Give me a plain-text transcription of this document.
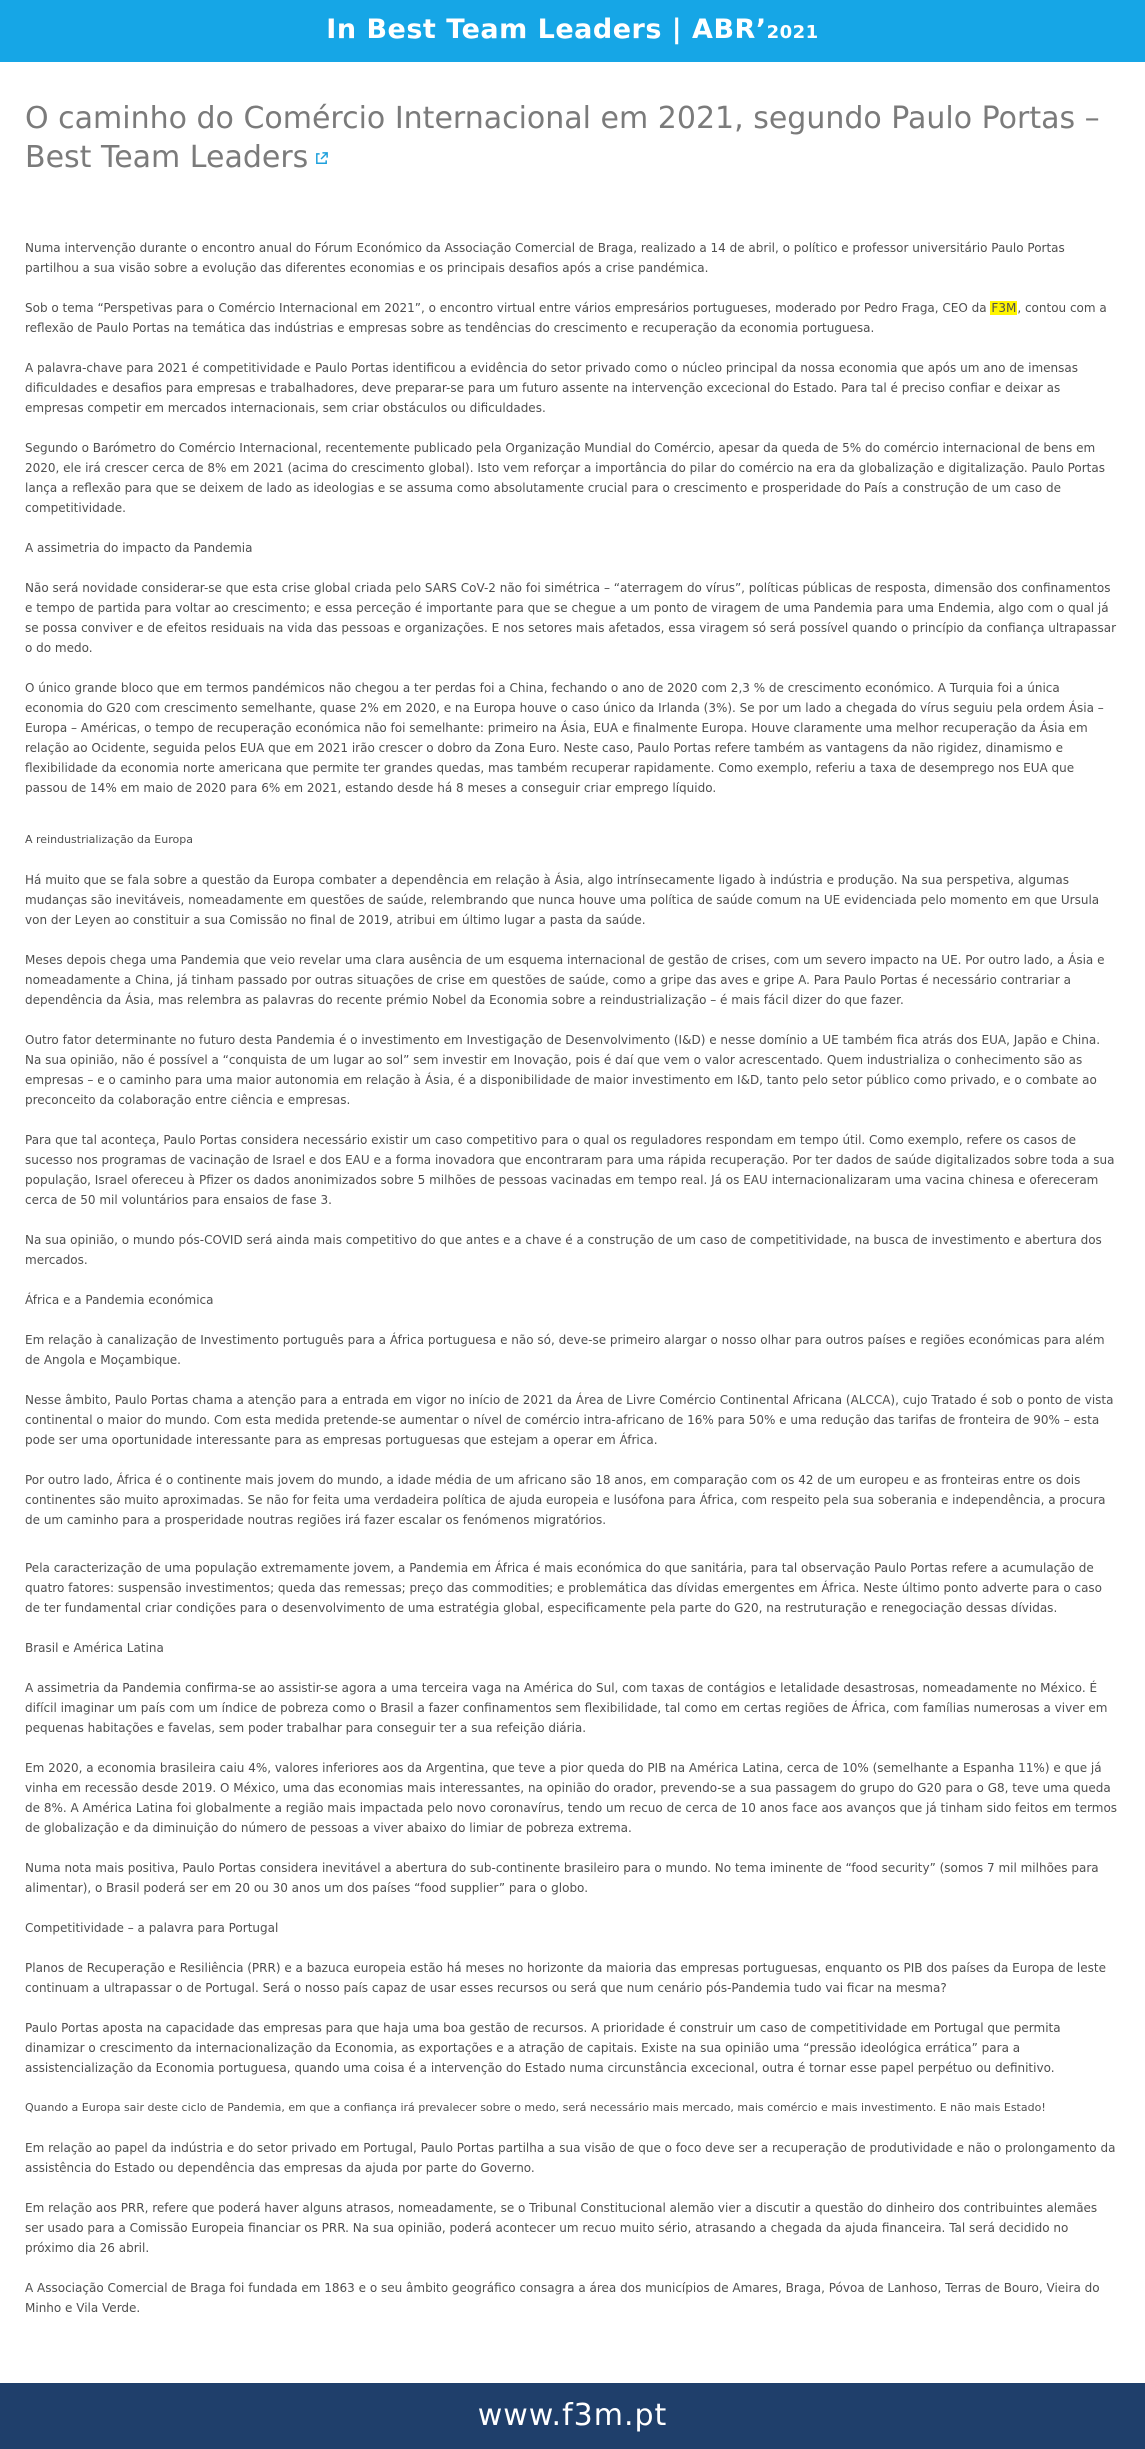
In Best Team Leaders | ABR’2021
O caminho do Comércio Internacional em 2021, segundo Paulo Portas – Best Team Leaders

Numa intervenção durante o encontro anual do Fórum Económico da Associação Comercial de Braga, realizado a 14 de abril, o político e professor universitário Paulo Portas partilhou a sua visão sobre a evolução das diferentes economias e os principais desafios após a crise pandémica.

Sob o tema “Perspetivas para o Comércio Internacional em 2021”, o encontro virtual entre vários empresários portugueses, moderado por Pedro Fraga, CEO da F3M, contou com a reflexão de Paulo Portas na temática das indústrias e empresas sobre as tendências do crescimento e recuperação da economia portuguesa.

A palavra-chave para 2021 é competitividade e Paulo Portas identificou a evidência do setor privado como o núcleo principal da nossa economia que após um ano de imensas dificuldades e desafios para empresas e trabalhadores, deve preparar-se para um futuro assente na intervenção excecional do Estado. Para tal é preciso confiar e deixar as empresas competir em mercados internacionais, sem criar obstáculos ou dificuldades.

Segundo o Barómetro do Comércio Internacional, recentemente publicado pela Organização Mundial do Comércio, apesar da queda de 5% do comércio internacional de bens em 2020, ele irá crescer cerca de 8% em 2021 (acima do crescimento global). Isto vem reforçar a importância do pilar do comércio na era da globalização e digitalização. Paulo Portas lança a reflexão para que se deixem de lado as ideologias e se assuma como absolutamente crucial para o crescimento e prosperidade do País a construção de um caso de competitividade.

A assimetria do impacto da Pandemia

Não será novidade considerar-se que esta crise global criada pelo SARS CoV-2 não foi simétrica – “aterragem do vírus”, políticas públicas de resposta, dimensão dos confinamentos e tempo de partida para voltar ao crescimento; e essa perceção é importante para que se chegue a um ponto de viragem de uma Pandemia para uma Endemia, algo com o qual já se possa conviver e de efeitos residuais na vida das pessoas e organizações. E nos setores mais afetados, essa viragem só será possível quando o princípio da confiança ultrapassar o do medo.

O único grande bloco que em termos pandémicos não chegou a ter perdas foi a China, fechando o ano de 2020 com 2,3 % de crescimento económico. A Turquia foi a única economia do G20 com crescimento semelhante, quase 2% em 2020, e na Europa houve o caso único da Irlanda (3%). Se por um lado a chegada do vírus seguiu pela ordem Ásia – Europa – Américas, o tempo de recuperação económica não foi semelhante: primeiro na Ásia, EUA e finalmente Europa. Houve claramente uma melhor recuperação da Ásia em relação ao Ocidente, seguida pelos EUA que em 2021 irão crescer o dobro da Zona Euro. Neste caso, Paulo Portas refere também as vantagens da não rigidez, dinamismo e flexibilidade da economia norte americana que permite ter grandes quedas, mas também recuperar rapidamente. Como exemplo, referiu a taxa de desemprego nos EUA que passou de 14% em maio de 2020 para 6% em 2021, estando desde há 8 meses a conseguir criar emprego líquido.

A reindustrialização da Europa

Há muito que se fala sobre a questão da Europa combater a dependência em relação à Ásia, algo intrínsecamente ligado à indústria e produção. Na sua perspetiva, algumas mudanças são inevitáveis, nomeadamente em questões de saúde, relembrando que nunca houve uma política de saúde comum na UE evidenciada pelo momento em que Ursula von der Leyen ao constituir a sua Comissão no final de 2019, atribui em último lugar a pasta da saúde.

Meses depois chega uma Pandemia que veio revelar uma clara ausência de um esquema internacional de gestão de crises, com um severo impacto na UE. Por outro lado, a Ásia e nomeadamente a China, já tinham passado por outras situações de crise em questões de saúde, como a gripe das aves e gripe A. Para Paulo Portas é necessário contrariar a dependência da Ásia, mas relembra as palavras do recente prémio Nobel da Economia sobre a reindustrialização – é mais fácil dizer do que fazer.

Outro fator determinante no futuro desta Pandemia é o investimento em Investigação de Desenvolvimento (I&D) e nesse domínio a UE também fica atrás dos EUA, Japão e China. Na sua opinião, não é possível a “conquista de um lugar ao sol” sem investir em Inovação, pois é daí que vem o valor acrescentado. Quem industrializa o conhecimento são as empresas – e o caminho para uma maior autonomia em relação à Ásia, é a disponibilidade de maior investimento em I&D, tanto pelo setor público como privado, e o combate ao preconceito da colaboração entre ciência e empresas.

Para que tal aconteça, Paulo Portas considera necessário existir um caso competitivo para o qual os reguladores respondam em tempo útil. Como exemplo, refere os casos de sucesso nos programas de vacinação de Israel e dos EAU e a forma inovadora que encontraram para uma rápida recuperação. Por ter dados de saúde digitalizados sobre toda a sua população, Israel ofereceu à Pfizer os dados anonimizados sobre 5 milhões de pessoas vacinadas em tempo real. Já os EAU internacionalizaram uma vacina chinesa e ofereceram cerca de 50 mil voluntários para ensaios de fase 3.

Na sua opinião, o mundo pós-COVID será ainda mais competitivo do que antes e a chave é a construção de um caso de competitividade, na busca de investimento e abertura dos mercados.

África e a Pandemia económica

Em relação à canalização de Investimento português para a África portuguesa e não só, deve-se primeiro alargar o nosso olhar para outros países e regiões económicas para além de Angola e Moçambique.

Nesse âmbito, Paulo Portas chama a atenção para a entrada em vigor no início de 2021 da Área de Livre Comércio Continental Africana (ALCCA), cujo Tratado é sob o ponto de vista continental o maior do mundo. Com esta medida pretende-se aumentar o nível de comércio intra-africano de 16% para 50% e uma redução das tarifas de fronteira de 90% – esta pode ser uma oportunidade interessante para as empresas portuguesas que estejam a operar em África.

Por outro lado, África é o continente mais jovem do mundo, a idade média de um africano são 18 anos, em comparação com os 42 de um europeu e as fronteiras entre os dois continentes são muito aproximadas. Se não for feita uma verdadeira política de ajuda europeia e lusófona para África, com respeito pela sua soberania e independência, a procura de um caminho para a prosperidade noutras regiões irá fazer escalar os fenómenos migratórios.

Pela caracterização de uma população extremamente jovem, a Pandemia em África é mais económica do que sanitária, para tal observação Paulo Portas refere a acumulação de quatro fatores: suspensão investimentos; queda das remessas; preço das commodities; e problemática das dívidas emergentes em África. Neste último ponto adverte para o caso de ter fundamental criar condições para o desenvolvimento de uma estratégia global, especificamente pela parte do G20, na restruturação e renegociação dessas dívidas.

Brasil e América Latina

A assimetria da Pandemia confirma-se ao assistir-se agora a uma terceira vaga na América do Sul, com taxas de contágios e letalidade desastrosas, nomeadamente no México. É difícil imaginar um país com um índice de pobreza como o Brasil a fazer confinamentos sem flexibilidade, tal como em certas regiões de África, com famílias numerosas a viver em pequenas habitações e favelas, sem poder trabalhar para conseguir ter a sua refeição diária.

Em 2020, a economia brasileira caiu 4%, valores inferiores aos da Argentina, que teve a pior queda do PIB na América Latina, cerca de 10% (semelhante a Espanha 11%) e que já vinha em recessão desde 2019. O México, uma das economias mais interessantes, na opinião do orador, prevendo-se a sua passagem do grupo do G20 para o G8, teve uma queda de 8%. A América Latina foi globalmente a região mais impactada pelo novo coronavírus, tendo um recuo de cerca de 10 anos face aos avanços que já tinham sido feitos em termos de globalização e da diminuição do número de pessoas a viver abaixo do limiar de pobreza extrema.

Numa nota mais positiva, Paulo Portas considera inevitável a abertura do sub-continente brasileiro para o mundo. No tema iminente de “food security” (somos 7 mil milhões para alimentar), o Brasil poderá ser em 20 ou 30 anos um dos países “food supplier” para o globo.

Competitividade – a palavra para Portugal

Planos de Recuperação e Resiliência (PRR) e a bazuca europeia estão há meses no horizonte da maioria das empresas portuguesas, enquanto os PIB dos países da Europa de leste continuam a ultrapassar o de Portugal. Será o nosso país capaz de usar esses recursos ou será que num cenário pós-Pandemia tudo vai ficar na mesma?

Paulo Portas aposta na capacidade das empresas para que haja uma boa gestão de recursos. A prioridade é construir um caso de competitividade em Portugal que permita dinamizar o crescimento da internacionalização da Economia, as exportações e a atração de capitais. Existe na sua opinião uma “pressão ideológica errática” para a assistencialização da Economia portuguesa, quando uma coisa é a intervenção do Estado numa circunstância excecional, outra é tornar esse papel perpétuo ou definitivo.

Quando a Europa sair deste ciclo de Pandemia, em que a confiança irá prevalecer sobre o medo, será necessário mais mercado, mais comércio e mais investimento. E não mais Estado!

Em relação ao papel da indústria e do setor privado em Portugal, Paulo Portas partilha a sua visão de que o foco deve ser a recuperação de produtividade e não o prolongamento da assistência do Estado ou dependência das empresas da ajuda por parte do Governo.

Em relação aos PRR, refere que poderá haver alguns atrasos, nomeadamente, se o Tribunal Constitucional alemão vier a discutir a questão do dinheiro dos contribuintes alemães ser usado para a Comissão Europeia financiar os PRR. Na sua opinião, poderá acontecer um recuo muito sério, atrasando a chegada da ajuda financeira. Tal será decidido no próximo dia 26 abril.

A Associação Comercial de Braga foi fundada em 1863 e o seu âmbito geográfico consagra a área dos municípios de Amares, Braga, Póvoa de Lanhoso, Terras de Bouro, Vieira do Minho e Vila Verde.

www.f3m.pt
